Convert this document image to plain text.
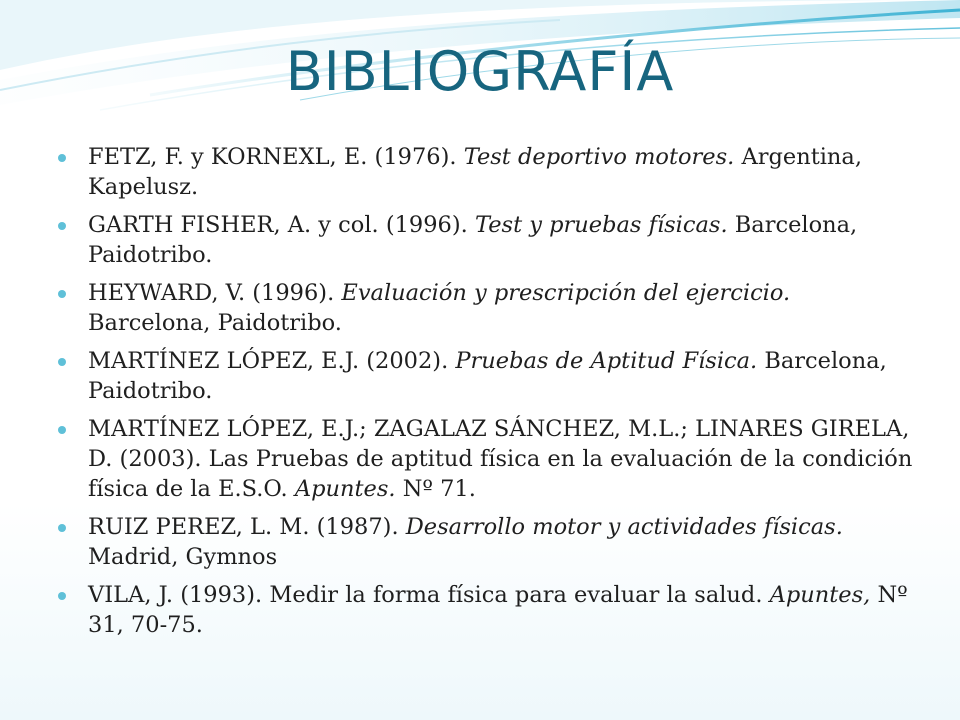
BIBLIOGRAFÍA
FETZ, F. y KORNEXL, E. (1976). Test deportivo motores. Argentina, Kapelusz.
GARTH FISHER, A. y col. (1996). Test y pruebas físicas. Barcelona, Paidotribo.
HEYWARD, V. (1996). Evaluación y prescripción del ejercicio. Barcelona, Paidotribo.
MARTÍNEZ LÓPEZ, E.J. (2002). Pruebas de Aptitud Física. Barcelona, Paidotribo.
MARTÍNEZ LÓPEZ, E.J.; ZAGALAZ SÁNCHEZ, M.L.; LINARES GIRELA, D. (2003). Las Pruebas de aptitud física en la evaluación de la condición física de la E.S.O. Apuntes. Nº 71.
RUIZ PEREZ, L. M. (1987). Desarrollo motor y actividades físicas. Madrid, Gymnos
VILA, J. (1993). Medir la forma física para evaluar la salud. Apuntes, Nº 31, 70-75.
